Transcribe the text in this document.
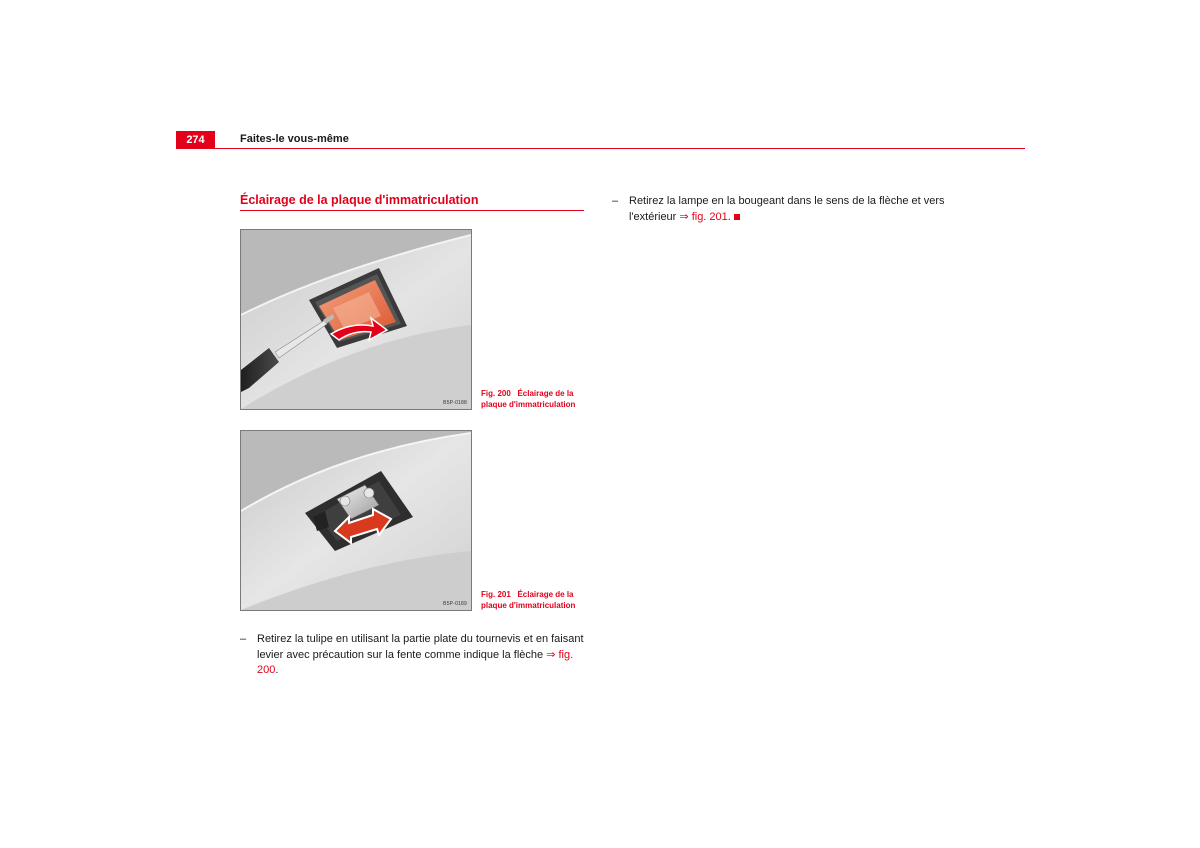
274	Faites-le vous-même
Éclairage de la plaque d'immatriculation
B5P-0188
Fig. 200 Éclairage de la plaque d'immatriculation
B5P-0189
Fig. 201 Éclairage de la plaque d'immatriculation
– Retirez la tulipe en utilisant la partie plate du tournevis et en faisant levier avec précaution sur la fente comme indique la flèche ⇒ fig. 200.
– Retirez la lampe en la bougeant dans le sens de la flèche et vers l'extérieur ⇒ fig. 201.
